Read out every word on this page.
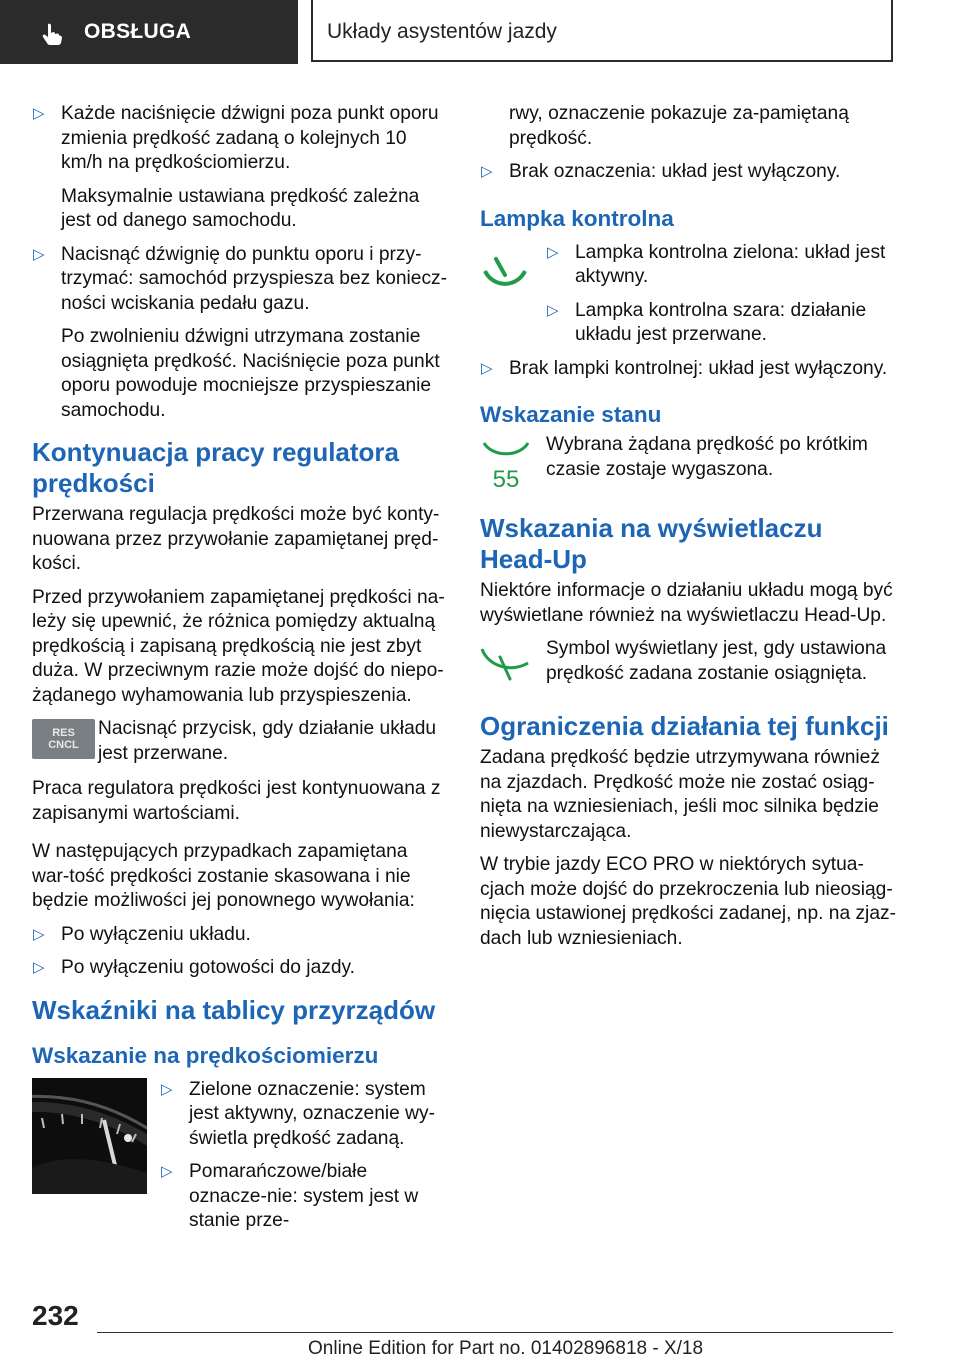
OBSŁUGA	Układy asystentów jazdy
▷ Każde naciśnięcie dźwigni poza punkt oporu zmienia prędkość zadaną o kolejnych 10 km/h na prędkościomierzu.

Maksymalnie ustawiana prędkość zależna jest od danego samochodu.

▷ Nacisnąć dźwignię do punktu oporu i przy‐trzymać: samochód przyspiesza bez koniecz‐ności wciskania pedału gazu.

Po zwolnieniu dźwigni utrzymana zostanie osiągnięta prędkość. Naciśnięcie poza punkt oporu powoduje mocniejsze przyspieszanie samochodu.

Kontynuacja pracy regulatora prędkości

Przerwana regulacja prędkości może być konty‐nuowana przez przywołanie zapamiętanej pręd‐kości.

Przed przywołaniem zapamiętanej prędkości na‐leży się upewnić, że różnica pomiędzy aktualną prędkością i zapisaną prędkością nie jest zbyt duża. W przeciwnym razie może dojść do niepo‐żądanego wyhamowania lub przyspieszenia.

RES
CNCL
Nacisnąć przycisk, gdy działanie układu jest przerwane.

Praca regulatora prędkości jest kontynuowana z zapisanymi wartościami.

W następujących przypadkach zapamiętana war‐tość prędkości zostanie skasowana i nie będzie możliwości jej ponownego wywołania:

▷ Po wyłączeniu układu.
▷ Po wyłączeniu gotowości do jazdy.
Wskaźniki na tablicy przyrządów
Wskazanie na prędkościomierzu
▷ Zielone oznaczenie: system jest aktywny, oznaczenie wy‐świetla prędkość zadaną.
▷ Pomarańczowe/białe oznacze‐nie: system jest w stanie prze-

rwy, oznaczenie pokazuje za‐pamiętaną prędkość.

▷ Brak oznaczenia: układ jest wyłączony.
Lampka kontrolna
▷ Lampka kontrolna zielona: układ jest aktywny.
▷ Lampka kontrolna szara: działanie układu jest przerwane.
▷ Brak lampki kontrolnej: układ jest wyłączony.
Wskazanie stanu
55
Wybrana żądana prędkość po krótkim czasie zostaje wygaszona.
Wskazania na wyświetlaczu Head-Up

Niektóre informacje o działaniu układu mogą być wyświetlane również na wyświetlaczu Head-Up.

Symbol wyświetlany jest, gdy ustawiona prędkość zadana zostanie osiągnięta.
Ograniczenia działania tej funkcji

Zadana prędkość będzie utrzymywana również na zjazdach. Prędkość może nie zostać osiąg‐nięta na wzniesieniach, jeśli moc silnika będzie niewystarczająca.

W trybie jazdy ECO PRO w niektórych sytua‐cjach może dojść do przekroczenia lub nieosiąg‐nięcia ustawionej prędkości zadanej, np. na zjaz‐dach lub wzniesieniach.

232
Online Edition for Part no. 01402896818 - X/18
